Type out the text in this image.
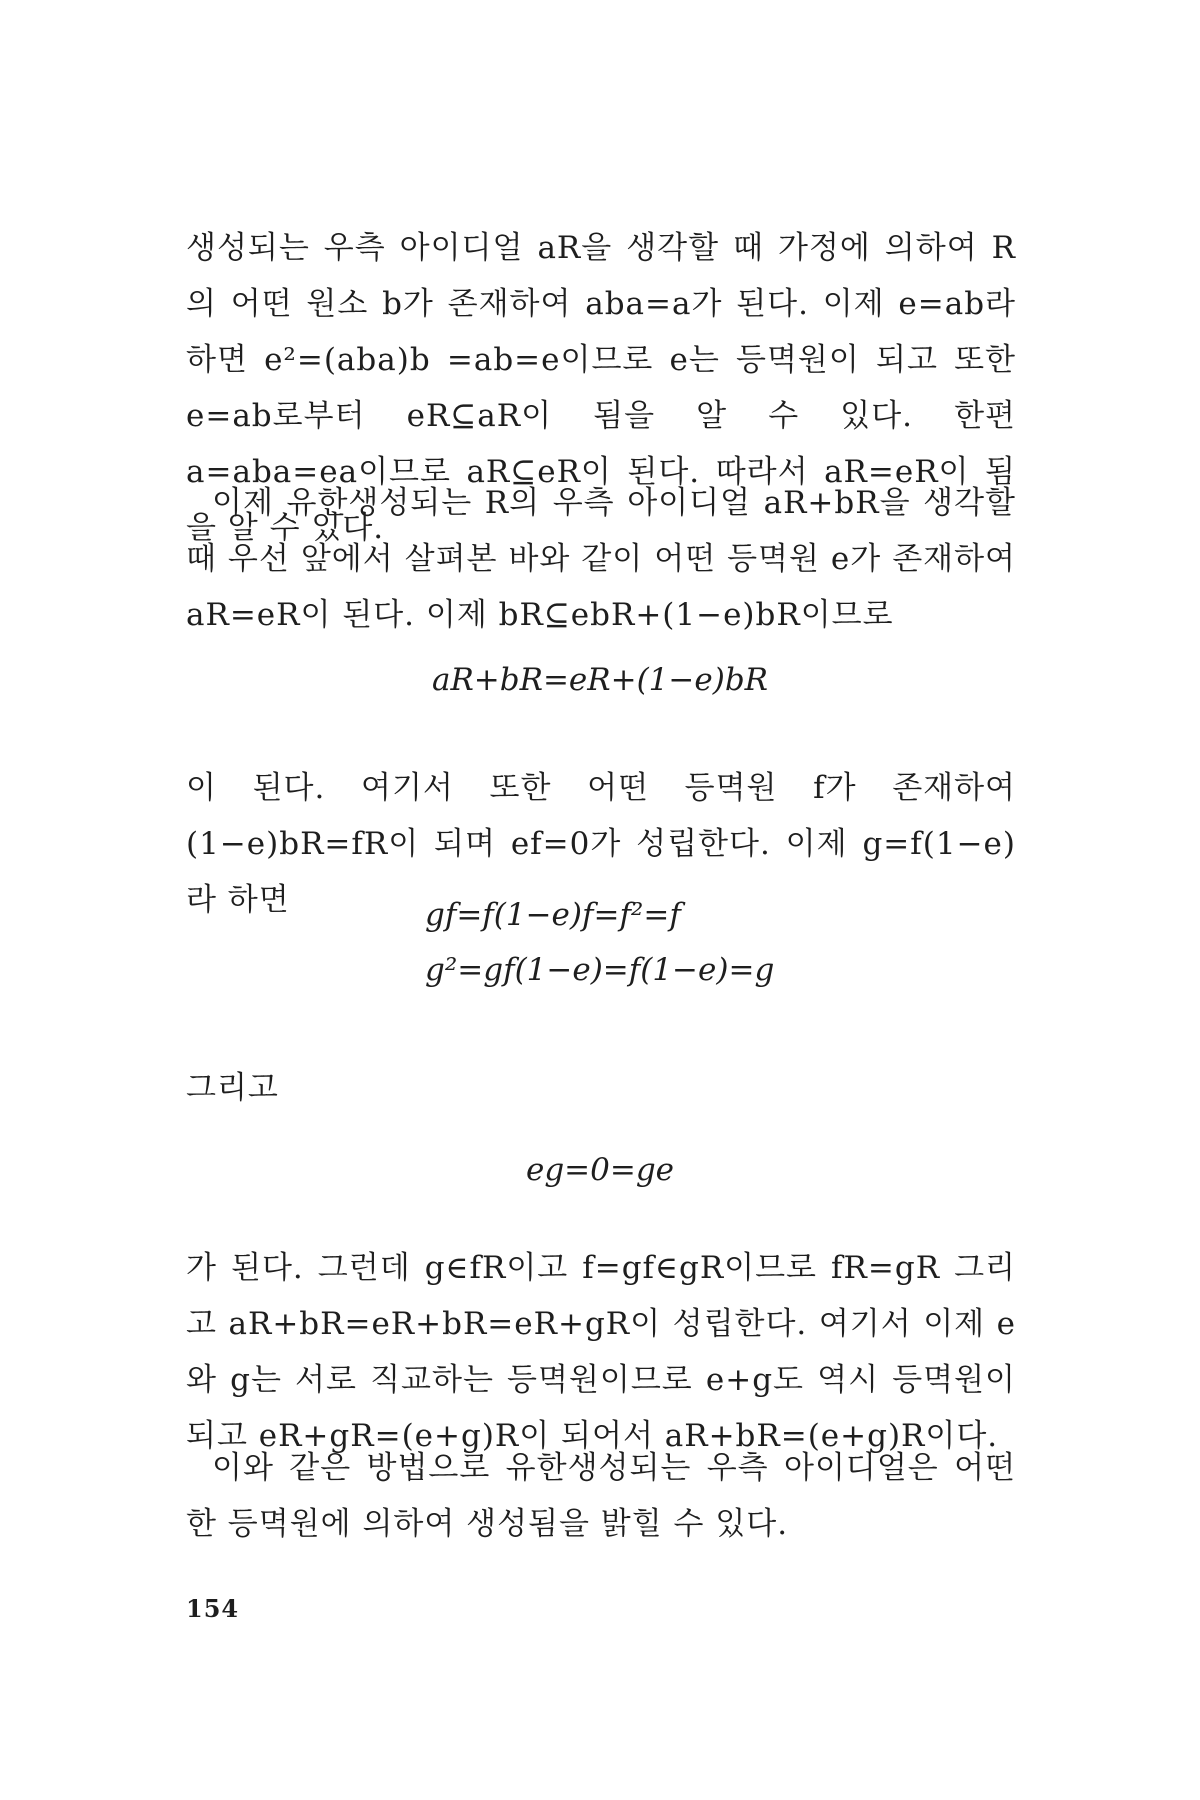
생성되는 우측 아이디얼 aR을 생각할 때 가정에 의하여 R의 어떤 원소 b가 존재하여 aba=a가 된다. 이제 e=ab라 하면 e²=(aba)b =ab=e이므로 e는 등멱원이 되고 또한 e=ab로부터 eR⊆aR이 됨을 알 수 있다. 한편 a=aba=ea이므로 aR⊆eR이 된다. 따라서 aR=eR이 됨을 알 수 있다.

이제 유한생성되는 R의 우측 아이디얼 aR+bR을 생각할 때 우선 앞에서 살펴본 바와 같이 어떤 등멱원 e가 존재하여 aR=eR이 된다. 이제 bR⊆ebR+(1−e)bR이므로

aR+bR=eR+(1−e)bR

이 된다. 여기서 또한 어떤 등멱원 f가 존재하여 (1−e)bR=fR이 되며 ef=0가 성립한다. 이제 g=f(1−e)라 하면	gf=f(1−e)f=f²=f
g²=gf(1−e)=f(1−e)=g

그리고

eg=0=ge

가 된다. 그런데 g∈fR이고 f=gf∈gR이므로 fR=gR 그리고 aR+bR=eR+bR=eR+gR이 성립한다. 여기서 이제 e와 g는 서로 직교하는 등멱원이므로 e+g도 역시 등멱원이 되고 eR+gR=(e+g)R이 되어서 aR+bR=(e+g)R이다.

이와 같은 방법으로 유한생성되는 우측 아이디얼은 어떤 한 등멱원에 의하여 생성됨을 밝힐 수 있다.

154
